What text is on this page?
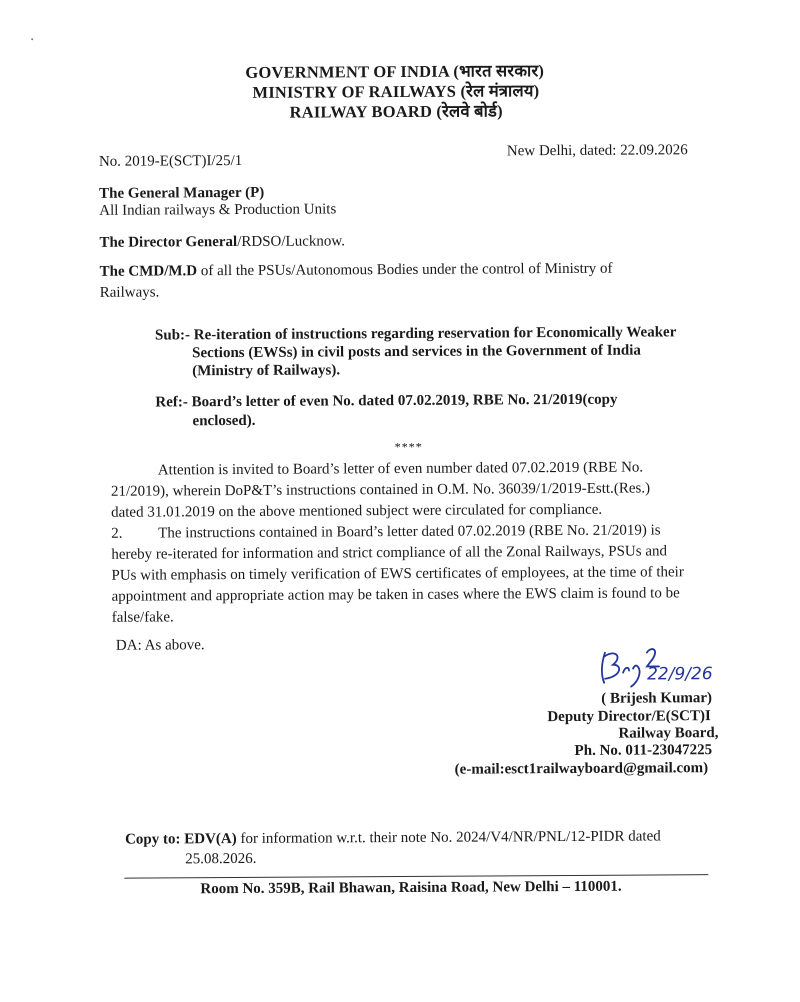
GOVERNMENT OF INDIA (भारत सरकार)
MINISTRY OF RAILWAYS (रेल मंत्रालय)
RAILWAY BOARD (रेलवे बोर्ड)
No. 2019-E(SCT)I/25/1
New Delhi, dated: 22.09.2026
The General Manager (P)
All Indian railways & Production Units
The Director General/RDSO/Lucknow.
The CMD/M.D of all the PSUs/Autonomous Bodies under the control of Ministry of
Railways.
Sub:- Re-iteration of instructions regarding reservation for Economically Weaker
Sections (EWSs) in civil posts and services in the Government of India
(Ministry of Railways).
Ref:- Board’s letter of even No. dated 07.02.2019, RBE No. 21/2019(copy
enclosed).
****
Attention is invited to Board’s letter of even number dated 07.02.2019 (RBE No.
21/2019), wherein DoP&T’s instructions contained in O.M. No. 36039/1/2019-Estt.(Res.)
dated 31.01.2019 on the above mentioned subject were circulated for compliance.
2. The instructions contained in Board’s letter dated 07.02.2019 (RBE No. 21/2019) is
hereby re-iterated for information and strict compliance of all the Zonal Railways, PSUs and
PUs with emphasis on timely verification of EWS certificates of employees, at the time of their
appointment and appropriate action may be taken in cases where the EWS claim is found to be
false/fake.
DA: As above.
22/9/26
( Brijesh Kumar)
Deputy Director/E(SCT)I
Railway Board,
Ph. No. 011-23047225
(e-mail:esct1railwayboard@gmail.com)
Copy to: EDV(A) for information w.r.t. their note No. 2024/V4/NR/PNL/12-PIDR dated
25.08.2026.
Room No. 359B, Rail Bhawan, Raisina Road, New Delhi – 110001.
